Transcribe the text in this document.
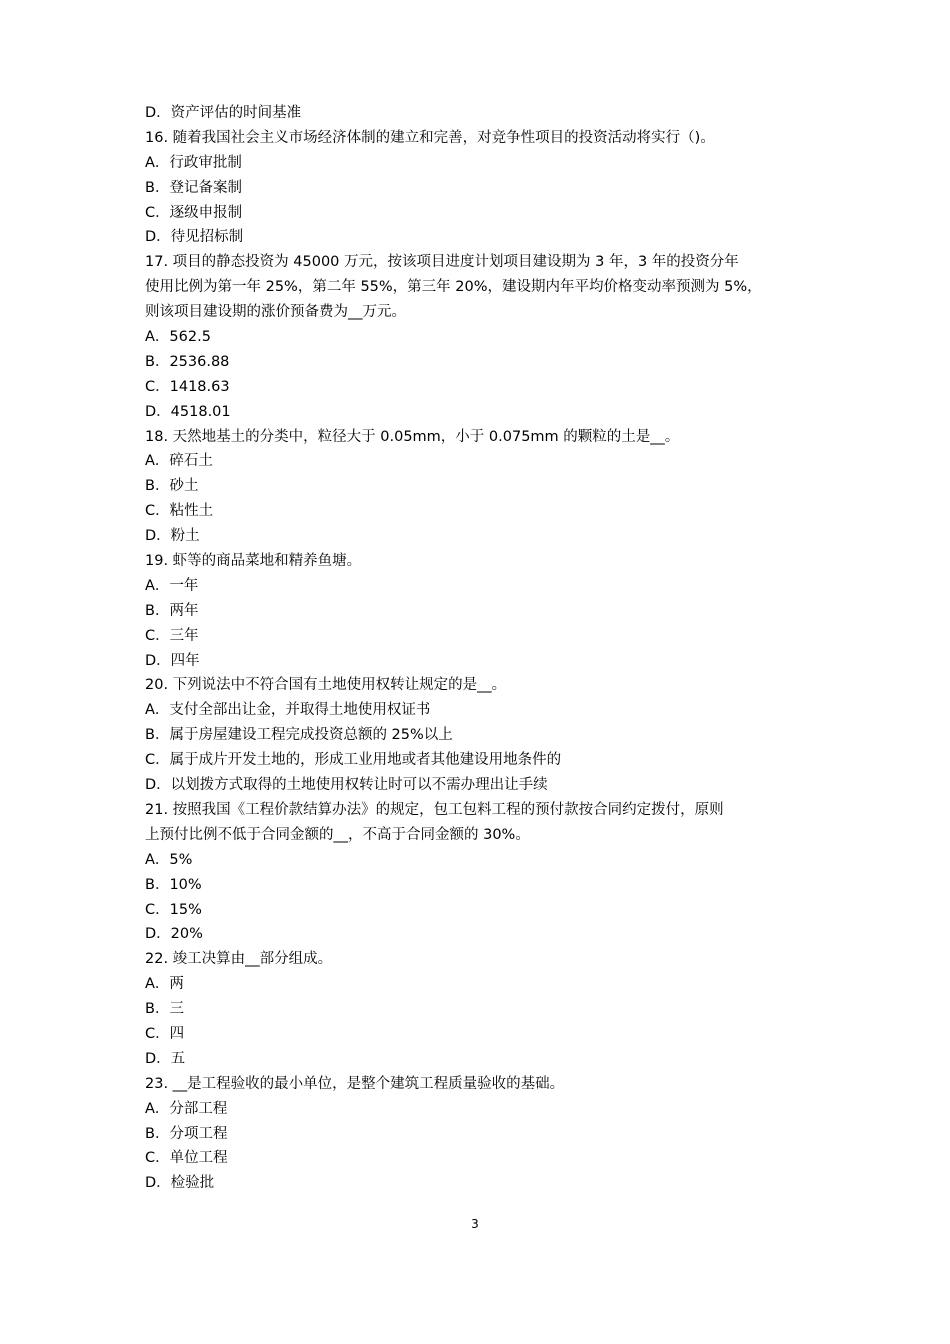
D．资产评估的时间基准
16. 随着我国社会主义市场经济体制的建立和完善，对竞争性项目的投资活动将实行（)。
A．行政审批制
B．登记备案制
C．逐级申报制
D．待见招标制
17. 项目的静态投资为 45000 万元，按该项目进度计划项目建设期为 3 年，3 年的投资分年
使用比例为第一年 25%，第二年 55%，第三年 20%，建设期内年平均价格变动率预测为 5%，
则该项目建设期的涨价预备费为__万元。
A．562.5
B．2536.88
C．1418.63
D．4518.01
18. 天然地基土的分类中，粒径大于 0.05mm，小于 0.075mm 的颗粒的土是__。
A．碎石土
B．砂土
C．粘性土
D．粉土
19. 虾等的商品菜地和精养鱼塘。
A．一年
B．两年
C．三年
D．四年
20. 下列说法中不符合国有土地使用权转让规定的是__。
A．支付全部出让金，并取得土地使用权证书
B．属于房屋建设工程完成投资总额的 25%以上
C．属于成片开发土地的，形成工业用地或者其他建设用地条件的
D．以划拨方式取得的土地使用权转让时可以不需办理出让手续
21. 按照我国《工程价款结算办法》的规定，包工包料工程的预付款按合同约定拨付，原则
上预付比例不低于合同金额的__，不高于合同金额的 30%。
A．5%
B．10%
C．15%
D．20%
22. 竣工决算由__部分组成。
A．两
B．三
C．四
D．五
23. __是工程验收的最小单位，是整个建筑工程质量验收的基础。
A．分部工程
B．分项工程
C．单位工程
D．检验批
3
